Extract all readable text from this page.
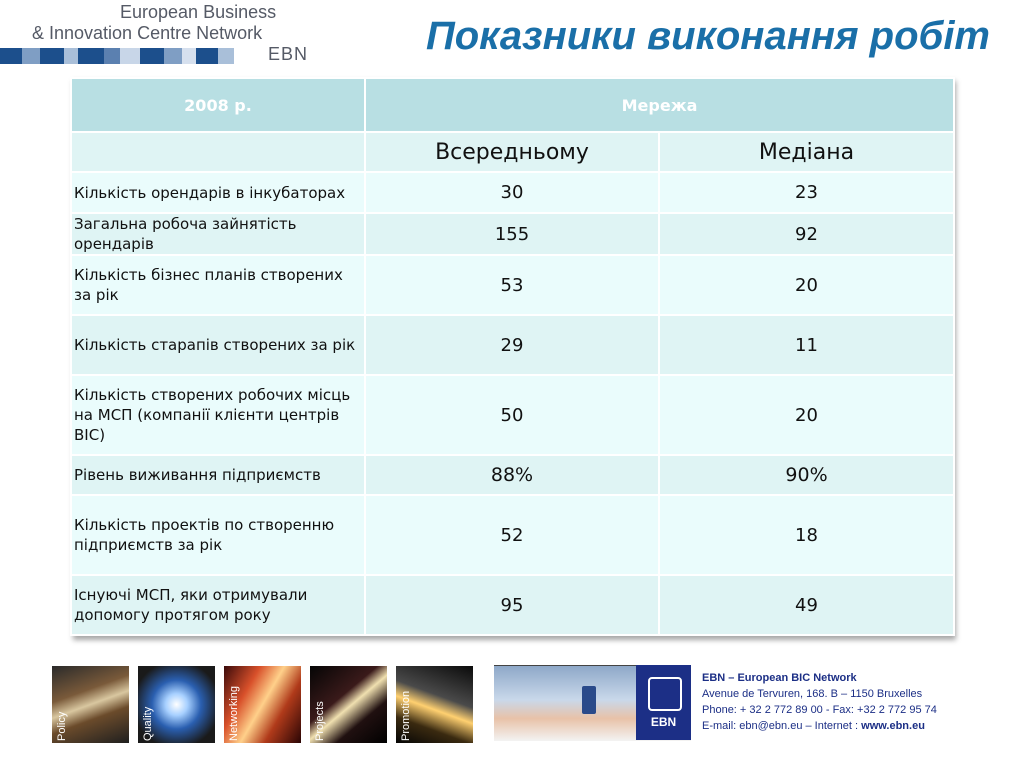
European Business
& Innovation Centre Network
EBN	Показники виконання робіт
2008 р.	Мережа	
	Всередньому	Медіана
Кількість орендарів в інкубаторах	30	23
Загальна робоча зайнятість орендарів	155	92
Кількість бізнес планів створених за рік	53	20
Кількість старапів створених за рік	29	11
Кількість створених робочих місць на МСП (компанії клієнти центрів ВІС)	50	20
Рівень виживання підприємств	88%	90%
Кількість проектів по створенню підприємств за рік	52	18
Існуючі МСП, яки отримували допомогу протягом року	95	49
Policy	Quality	Networking	Projects	Promotion	EBN
EBN – European BIC Network
Avenue de Tervuren, 168. B – 1150 Bruxelles
Phone: + 32 2 772 89 00 - Fax: +32 2 772 95 74
E-mail: ebn@ebn.eu – Internet : www.ebn.eu
